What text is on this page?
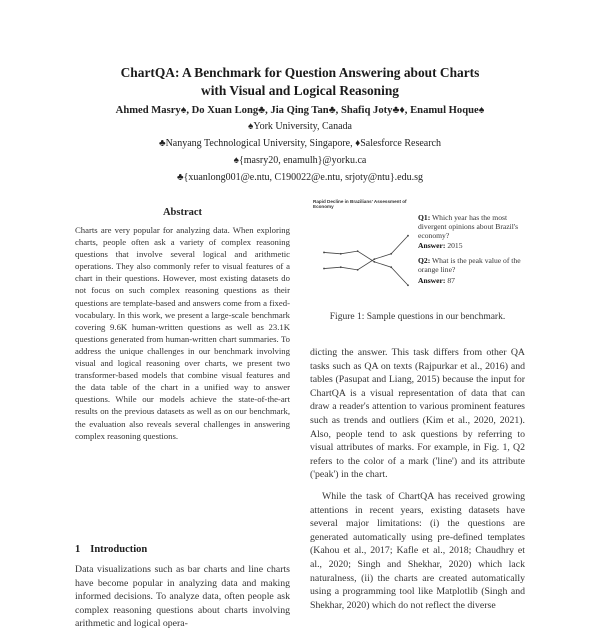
ChartQA: A Benchmark for Question Answering about Charts
with Visual and Logical Reasoning
Ahmed Masry♠, Do Xuan Long♣, Jia Qing Tan♣, Shafiq Joty♣♦, Enamul Hoque♠
♠York University, Canada
♣Nanyang Technological University, Singapore, ♦Salesforce Research
♠{masry20, enamulh}@yorku.ca
♣{xuanlong001@e.ntu, C190022@e.ntu, srjoty@ntu}.edu.sg
Abstract
Charts are very popular for analyzing data. When exploring charts, people often ask a variety of complex reasoning questions that involve several logical and arithmetic operations. They also commonly refer to visual features of a chart in their questions. However, most existing datasets do not focus on such complex reasoning questions as their questions are template-based and answers come from a fixed-vocabulary. In this work, we present a large-scale benchmark covering 9.6K human-written questions as well as 23.1K questions generated from human-written chart summaries. To address the unique challenges in our benchmark involving visual and logical reasoning over charts, we present two transformer-based models that combine visual features and the data table of the chart in a unified way to answer questions. While our models achieve the state-of-the-art results on the previous datasets as well as on our benchmark, the evaluation also reveals several challenges in answering complex reasoning questions.
1 Introduction
Data visualizations such as bar charts and line charts have become popular in analyzing data and making informed decisions. To analyze data, often people ask complex reasoning questions about charts involving arithmetic and logical opera-
Rapid Decline in Brazilians' Assessment of Economy
Q1: Which year has the most divergent opinions about Brazil's economy?
Answer: 2015
Q2: What is the peak value of the orange line?
Answer: 87
Figure 1: Sample questions in our benchmark.

dicting the answer. This task differs from other QA tasks such as QA on texts (Rajpurkar et al., 2016) and tables (Pasupat and Liang, 2015) because the input for ChartQA is a visual representation of data that can draw a reader's attention to various prominent features such as trends and outliers (Kim et al., 2020, 2021). Also, people tend to ask questions by referring to visual attributes of marks. For example, in Fig. 1, Q2 refers to the color of a mark ('line') and its attribute ('peak') in the chart.

While the task of ChartQA has received growing attentions in recent years, existing datasets have several major limitations: (i) the questions are generated automatically using pre-defined templates (Kahou et al., 2017; Kafle et al., 2018; Chaudhry et al., 2020; Singh and Shekhar, 2020) which lack naturalness, (ii) the charts are created automatically using a programming tool like Matplotlib (Singh and Shekhar, 2020) which do not reflect the diverse
